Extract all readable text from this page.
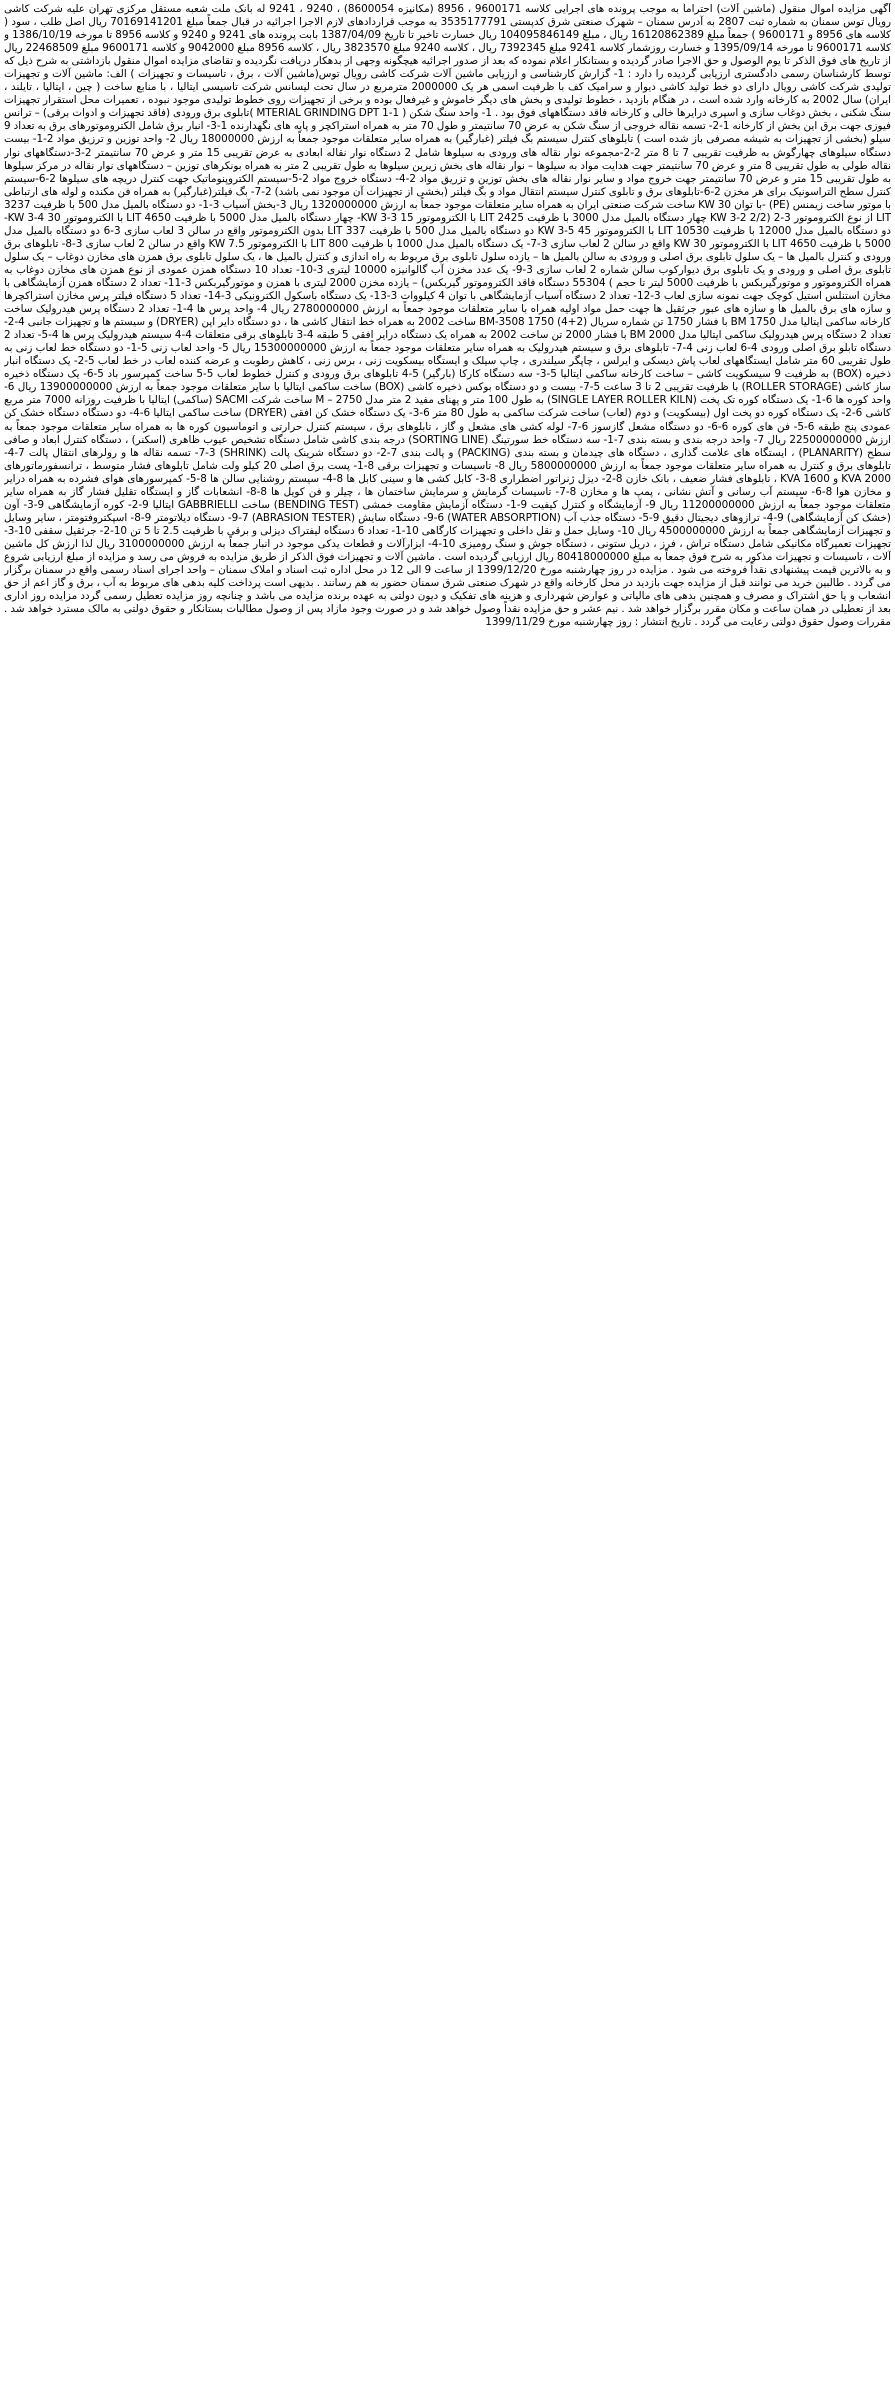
آگهی مزایده اموال منقول (ماشین آلات) احتراماً به موجب پرونده های اجرایی کلاسه 9600171 ، 8956 (مکانیزه 8600054) ، 9240 ، 9241 له بانک ملت شعبه مستقل مرکزی تهران علیه شرکت کاشی رویال توس سمنان به شماره ثبت 2807 به آدرس سمنان – شهرک صنعتی شرق کدپستی 3535177791 به موجب قراردادهای لازم الاجرا اجرائیه در قبال جمعاً مبلغ 70169141201 ریال اصل طلب ، سود ( کلاسه های 8956 و 9600171 ) جمعاً مبلغ 16120862389 ریال ، مبلغ 104095846149 ریال خسارت تاخیر تا تاریخ 1387/04/09 بابت پرونده های 9241 و 9240 و کلاسه 8956 تا مورخه 1386/10/19 و کلاسه 9600171 تا مورخه 1395/09/14 و خسارت روزشمار کلاسه 9241 مبلغ 7392345 ریال ، کلاسه 9240 مبلغ 3823570 ریال ، کلاسه 8956 مبلغ 9042000 و کلاسه 9600171 مبلغ 22468509 ریال از تاریخ های فوق الذکر تا یوم الوصول و حق الاجرا صادر گردیده و بستانکار اعلام نموده که بعد از صدور اجرائیه هیچگونه وجهی از بدهکار دریافت نگردیده و تقاضای مزایده اموال منقول بازداشتی به شرح ذیل که توسط کارشناسان رسمی دادگستری ارزیابی گردیده را دارد : 1- گزارش کارشناسی و ارزیابی ماشین آلات شرکت کاشی رویال توس(ماشین آلات ، برق ، تاسیسات و تجهیزات ) الف: ماشین آلات و تجهیزات تولیدی شرکت کاشی رویال دارای دو خط تولید کاشی دیوار و سرامیک کف با ظرفیت اسمی هر یک 2000000 مترمربع در سال تحت لیسانس شرکت تاسیسی ایتالیا ، با منابع ساخت ( چین ، ایتالیا ، تایلند ، ایران) سال 2002 به کارخانه وارد شده است ، در هنگام بازدید ، خطوط تولیدی و بخش های دیگر خاموش و غیرفعال بوده و برخی از تجهیزات روی خطوط تولیدی موجود نبوده ، تعمیرات محل استقرار تجهیزات سنگ شکنی ، بخش دوغاب سازی و اسپری درایرها خالی و کارخانه فاقد دستگاههای فوق بود . 1- واحد سنگ شکن ( 1-1 MTERIAL GRINDING DPT )تابلوی برق ورودی (فاقد تجهیزات و ادوات برقی) – ترانس فیوزی جهت برق این بخش از کارخانه 1-2- تسمه نقاله خروجی از سنگ شکن به عرض 70 سانتیمتر و طول 70 متر به همراه استراکچر و پایه های نگهدارنده 1-3- انبار برق شامل الکتروموتورهای برق به تعداد 9 سیلو (بخشی از تجهیزات به شیشه مصرفی باز شده است ) تابلوهای کنترل سیستم بگ فیلتر (غبارگیر) به همراه سایر متعلقات موجود جمعاً به ارزش 18000000 ریال 2- واحد توزین و ترزیق مواد 2-1- بیست دستگاه سیلوهای چهارگوش به ظرفیت تقریبی 7 تا 8 متر 2-2-مجموعه نوار نقاله های ورودی به سیلوها شامل 2 دستگاه نوار نقاله ابعادی به عرض تقریبی 15 متر و عرض 70 سانتیمتر 2-3-دستگاههای نوار نقاله طولی به طول تقریبی 8 متر و عرض 70 سانتیمتر جهت هدایت مواد به سیلوها – نوار نقاله های بخش زیرین سیلوها به طول تقریبی 2 متر به همراه بونکرهای توزین – دستگاههای نوار نقاله در مرکز سیلوها به طول تقریبی 15 متر و عرض 70 سانتیمتر جهت خروج مواد و سایر نوار نقاله های بخش توزین و تزریق مواد 2-4- دستگاه خروج مواد 2-5-سیستم الکتروپنوماتیک جهت کنترل دریچه های سیلوها 2-6-سیستم کنترل سطح التراسونیک برای هر مخزن 2-6-تابلوهای برق و تابلوی کنترل سیستم انتقال مواد و بگ فیلتر (بخشی از تجهیزات آن موجود نمی باشد) 2-7- بگ فیلتر(غبارگیر) به همراه فن مکنده و لوله های ارتباطی با موتور ساخت زیمنس (PE) -با توان 30 KW ساخت شرکت صنعتی ایران به همراه سایر متعلقات موجود جمعاً به ارزش 1320000000 ریال 3-بخش آسیاب 3-1- دو دستگاه بالمیل مدل 500 با ظرفیت 3237 LIT از نوع الکتروموتور 3-2 (2/2 KW 3-2 چهار دستگاه بالمیل مدل 3000 با ظرفیت 2425 LIT با الکتروموتور 15 KW 3-3- چهار دستگاه بالمیل مدل 5000 با ظرفیت 4650 LIT با الکتروموتور 30 KW 3-4- دو دستگاه بالمیل مدل 12000 با ظرفیت 10530 LIT با الکتروموتور 45 KW 3-5 دو دستگاه بالمیل مدل 500 با ظرفیت 337 LIT بدون الکتروموتور واقع در سالن 3 لعاب سازی 3-6 دو دستگاه بالمیل مدل 5000 با ظرفیت 4650 LIT با الکتروموتور 30 KW واقع در سالن 2 لعاب سازی 3-7- یک دستگاه بالمیل مدل 1000 با ظرفیت 800 LIT با الکتروموتور 7.5 KW واقع در سالن 2 لعاب سازی 3-8- تابلوهای برق ورودی و کنترل بالمیل ها – یک سلول تابلوی برق اصلی و ورودی به سالن بالمیل ها – یازده سلول تابلوی برق مربوط به راه اندازی و کنترل بالمیل ها ، یک سلول تابلوی برق همزن های مخازن دوغاب – یک سلول تابلوی برق اصلی و ورودی و یک تابلوی برق دیوارکوب سالن شماره 2 لعاب سازی 3-9- یک عدد مخزن آب گالوانیزه 10000 لیتری 3-10- تعداد 10 دستگاه همزن عمودی از نوع همزن های مخازن دوغاب به همراه الکتروموتور و موتورگیربکس با ظرفیت 5000 لیتر تا حجم ) 55304 دستگاه فاقد الکتروموتور گیربکس) – یازده مخزن 2000 لیتری با همزن و موتورگیربکس 3-11- تعداد 2 دستگاه همزن آزمایشگاهی با مخازن استنلس استیل کوچک جهت نمونه سازی لعاب 3-12- تعداد 2 دستگاه آسیاب آزمایشگاهی با توان 4 کیلووات 3-13- یک دستگاه باسکول الکترونیکی 3-14- تعداد 5 دستگاه فیلتر پرس مخازن استراکچرها و سازه های برق بالمیل ها و سازه های عبور جرثقیل ها جهت حمل مواد اولیه همراه با سایر متعلقات موجود جمعاً به ارزش 2780000000 ریال 4- واحد پرس ها 4-1- تعداد 2 دستگاه پرس هیدرولیک ساخت کارخانه ساکمی ایتالیا مدل 1750 BM با فشار 1750 تن شماره سریال (2+4) 1750 BM-3508 ساخت 2002 به همراه خط انتقال کاشی ها ، دو دستگاه دایر اپن (DRYER) و سیستم ها و تجهیزات جانبی 4-2- تعداد 2 دستگاه پرس هیدرولیک ساکمی ایتالیا مدل 2000 BM با فشار 2000 تن ساخت 2002 به همراه یک دستگاه درایر افقی 5 طبقه 4-3 تابلوهای برقی متعلقات 4-4 سیستم هیدرولیک پرس ها 4-5- تعداد 2 دستگاه تابلو برق اصلی ورودی 4-6 لعاب زنی 4-7- تابلوهای برق و سیستم هیدرولیک به همراه سایر متعلقات موجود جمعاً به ارزش 15300000000 ریال 5- واحد لعاب زنی 5-1- دو دستگاه خط لعاب زنی به طول تقریبی 60 متر شامل ایستگاههای لعاب پاش دیسکی و ایرلس ، چاپگر سیلندری ، چاپ سیلک و ایستگاه بیسکویت زنی ، برس زنی ، کاهش رطوبت و عرضه کننده لعاب در خط لعاب 5-2- یک دستگاه انبار ذخیره (BOX) به ظرفیت 9 سیسکویت کاشی – ساخت کارخانه ساکمی ایتالیا 5-3- سه دستگاه کارکا (بارگیر) 5-4 تابلوهای برق ورودی و کنترل خطوط لعاب 5-5 ساخت کمپرسور باد 5-6- یک دستگاه ذخیره ساز کاشی (ROLLER STORAGE) با ظرفیت تقریبی 2 تا 3 ساعت 5-7- بیست و دو دستگاه بوکس ذخیره کاشی (BOX) ساخت ساکمی ایتالیا با سایر متعلقات موجود جمعاً به ارزش 13900000000 ریال 6- واحد کوره ها 6-1- یک دستگاه کوره تک پخت (SINGLE LAYER ROLLER KILN) به طول 100 متر و پهنای مفید 2 متر مدل 2750 – M ساخت شرکت SACMI (ساکمی) ایتالیا با ظرفیت روزانه 7000 متر مربع کاشی 6-2- یک دستگاه کوره دو پخت اول (بیسکویت) و دوم (لعاب) ساخت شرکت ساکمی به طول 80 متر 6-3- یک دستگاه خشک کن افقی (DRYER) ساخت ساکمی ایتالیا 6-4- دو دستگاه دستگاه خشک کن عمودی پنج طبقه 6-5- فن های کوره 6-6- دو دستگاه مشعل گازسوز 6-7- لوله کشی های مشعل و گاز ، تابلوهای برق ، سیستم کنترل حرارتی و اتوماسیون کوره ها به همراه سایر متعلقات موجود جمعاً به ارزش 22500000000 ریال 7- واحد درجه بندی و بسته بندی 7-1- سه دستگاه خط سورتینگ (SORTING LINE) درجه بندی کاشی شامل دستگاه تشخیص عیوب ظاهری (اسکنر) ، دستگاه کنترل ابعاد و صافی سطح (PLANARITY) ، ایستگاه های علامت گذاری ، دستگاه های چیدمان و بسته بندی (PACKING) و پالت بندی 7-2- دو دستگاه شرینک پالت (SHRINK) 7-3- تسمه نقاله ها و رولرهای انتقال پالت 7-4- تابلوهای برق و کنترل به همراه سایر متعلقات موجود جمعاً به ارزش 5800000000 ریال 8- تاسیسات و تجهیزات برقی 8-1- پست برق اصلی 20 کیلو ولت شامل تابلوهای فشار متوسط ، ترانسفورماتورهای 2000 KVA و 1600 KVA ، تابلوهای فشار ضعیف ، بانک خازن 8-2- دیزل ژنراتور اضطراری 8-3- کابل کشی ها و سینی کابل ها 8-4- سیستم روشنایی سالن ها 8-5- کمپرسورهای هوای فشرده به همراه درایر و مخازن هوا 8-6- سیستم آب رسانی و آتش نشانی ، پمپ ها و مخازن 8-7- تاسیسات گرمایش و سرمایش ساختمان ها ، چیلر و فن کویل ها 8-8- انشعابات گاز و ایستگاه تقلیل فشار گاز به همراه سایر متعلقات موجود جمعاً به ارزش 11200000000 ریال 9- آزمایشگاه و کنترل کیفیت 9-1- دستگاه آزمایش مقاومت خمشی (BENDING TEST) ساخت GABBRIELLI ایتالیا 9-2- کوره آزمایشگاهی 9-3- آون (خشک کن آزمایشگاهی) 9-4- ترازوهای دیجیتال دقیق 9-5- دستگاه جذب آب (WATER ABSORPTION) 9-6- دستگاه سایش (ABRASION TESTER) 9-7- دستگاه دیلاتومتر 9-8- اسپکتروفتومتر ، سایر وسایل و تجهیزات آزمایشگاهی جمعاً به ارزش 4500000000 ریال 10- وسایل حمل و نقل داخلی و تجهیزات کارگاهی 10-1- تعداد 6 دستگاه لیفتراک دیزلی و برقی با ظرفیت 2.5 تا 5 تن 10-2- جرثقیل سقفی 10-3- تجهیزات تعمیرگاه مکانیکی شامل دستگاه تراش ، فرز ، دریل ستونی ، دستگاه جوش و سنگ رومیزی 10-4- ابزارآلات و قطعات یدکی موجود در انبار جمعاً به ارزش 3100000000 ریال لذا ارزش کل ماشین آلات ، تاسیسات و تجهیزات مذکور به شرح فوق جمعاً به مبلغ 80418000000 ریال ارزیابی گردیده است . ماشین آلات و تجهیزات فوق الذکر از طریق مزایده به فروش می رسد و مزایده از مبلغ ارزیابی شروع و به بالاترین قیمت پیشنهادی نقداً فروخته می شود . مزایده در روز چهارشنبه مورخ 1399/12/20 از ساعت 9 الی 12 در محل اداره ثبت اسناد و املاک سمنان – واحد اجرای اسناد رسمی واقع در سمنان برگزار می گردد . طالبین خرید می توانند قبل از مزایده جهت بازدید در محل کارخانه واقع در شهرک صنعتی شرق سمنان حضور به هم رسانند . بدیهی است پرداخت کلیه بدهی های مربوط به آب ، برق و گاز اعم از حق انشعاب و یا حق اشتراک و مصرف و همچنین بدهی های مالیاتی و عوارض شهرداری و هزینه های تفکیک و دیون دولتی به عهده برنده مزایده می باشد و چنانچه روز مزایده تعطیل رسمی گردد مزایده روز اداری بعد از تعطیلی در همان ساعت و مکان مقرر برگزار خواهد شد . نیم عشر و حق مزایده نقداً وصول خواهد شد و در صورت وجود مازاد پس از وصول مطالبات بستانکار و حقوق دولتی به مالک مسترد خواهد شد . مقررات وصول حقوق دولتی رعایت می گردد . تاریخ انتشار : روز چهارشنبه مورخ 1399/11/29
